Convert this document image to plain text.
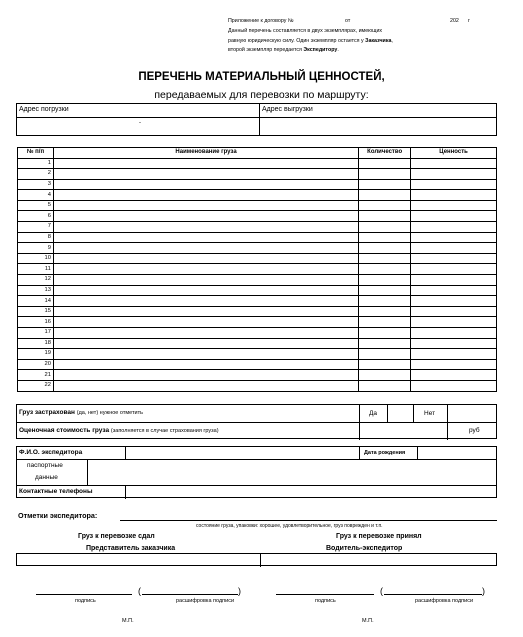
Приложение к договору №	от	202 г
Данный перечень составляется в двух экземплярах, имеющих
равную юридическую силу. Один экземпляр остается у Заказчика,
второй экземпляр передается Экспедитору.
ПЕРЕЧЕНЬ МАТЕРИАЛЬНЫЙ ЦЕННОСТЕЙ,
передаваемых для перевозки по маршруту:
Адрес погрузки
-
Адрес выгрузки
№ п/п	Наименование груза	Количество	Ценность
1			
2			
3			
4			
5			
6			
7			
8			
9			
10			
11			
12			
13			
14			
15			
16			
17			
18			
19			
20			
21			
22			
Груз застрахован (да, нет) нужное отметить	Да	Нет
Оценочная стоимость груза (заполняется в случае страхования груза)	руб
Ф.И.О. экспедитора	Дата рождения
паспортные
данные
Контактные телефоны
Отметки экспедитора:
состояние груза, упаковки: хорошее, удовлетворительное, груз поврежден и т.п.
Груз к перевозке сдал
Представитель заказчика
Груз к перевозке принял
Водитель-экспедитор
(	)
подпись	расшифровка подписи
М.П.
(	)
подпись	расшифровка подписи
М.П.
